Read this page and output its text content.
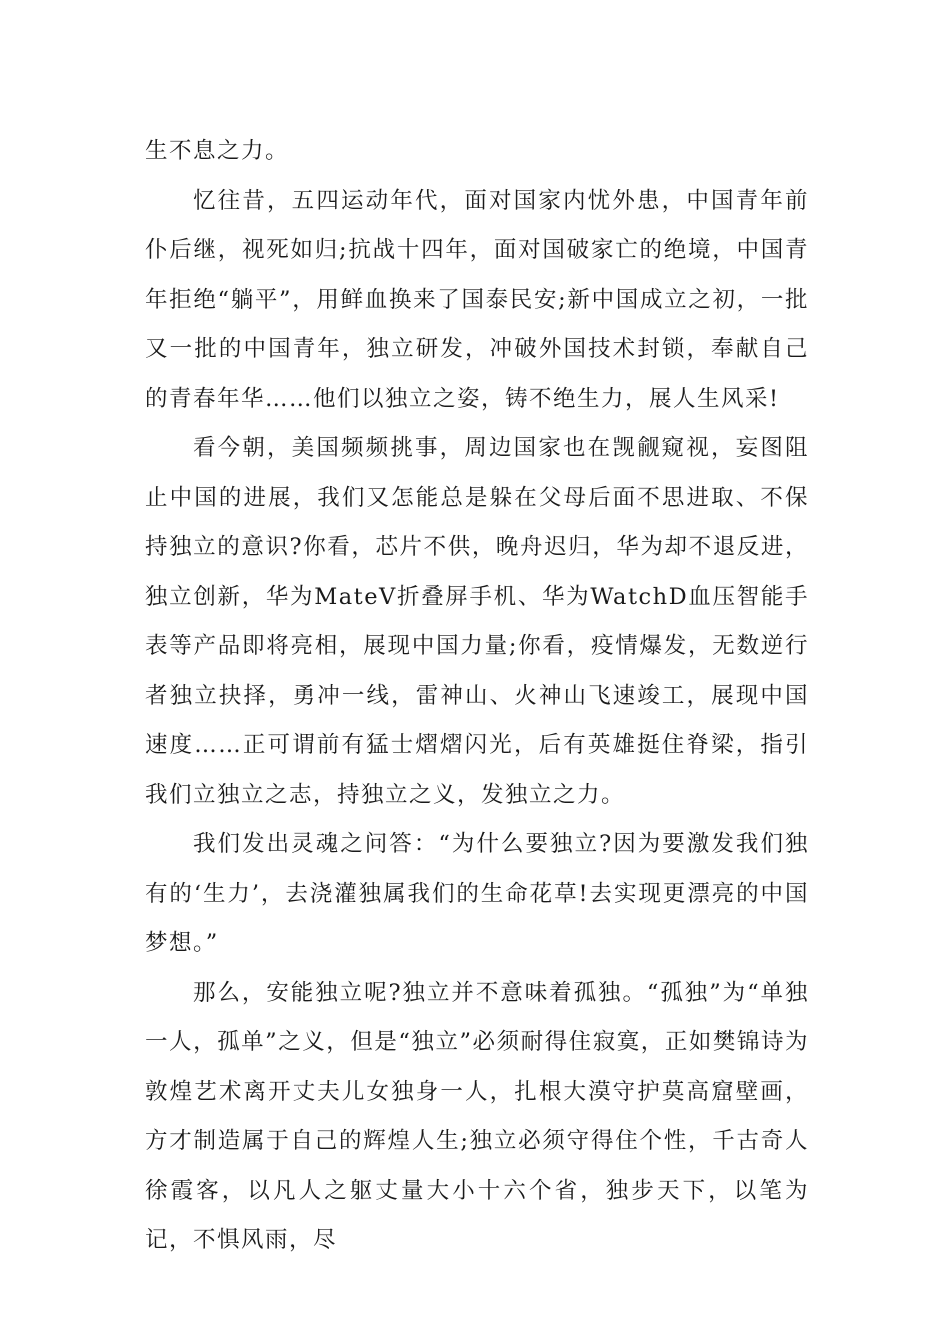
生不息之力。

忆往昔，五四运动年代，面对国家内忧外患，中国青年前仆后继，视死如归;抗战十四年，面对国破家亡的绝境，中国青年拒绝“躺平”，用鲜血换来了国泰民安;新中国成立之初，一批又一批的中国青年，独立研发，冲破外国技术封锁，奉献自己的青春年华……他们以独立之姿，铸不绝生力，展人生风采!

看今朝，美国频频挑事，周边国家也在觊觎窥视，妄图阻止中国的进展，我们又怎能总是躲在父母后面不思进取、不保持独立的意识?你看，芯片不供，晚舟迟归，华为却不退反进，独立创新，华为MateV折叠屏手机、华为WatchD血压智能手表等产品即将亮相，展现中国力量;你看，疫情爆发，无数逆行者独立抉择，勇冲一线，雷神山、火神山飞速竣工，展现中国速度……正可谓前有猛士熠熠闪光，后有英雄挺住脊梁，指引我们立独立之志，持独立之义，发独立之力。

我们发出灵魂之问答：“为什么要独立?因为要激发我们独有的‘生力’，去浇灌独属我们的生命花草!去实现更漂亮的中国梦想。”

那么，安能独立呢?独立并不意味着孤独。“孤独”为“单独一人，孤单”之义，但是“独立”必须耐得住寂寞，正如樊锦诗为敦煌艺术离开丈夫儿女独身一人，扎根大漠守护莫高窟壁画，方才制造属于自己的辉煌人生;独立必须守得住个性，千古奇人徐霞客，以凡人之躯丈量大小十六个省，独步天下，以笔为记，不惧风雨，尽
